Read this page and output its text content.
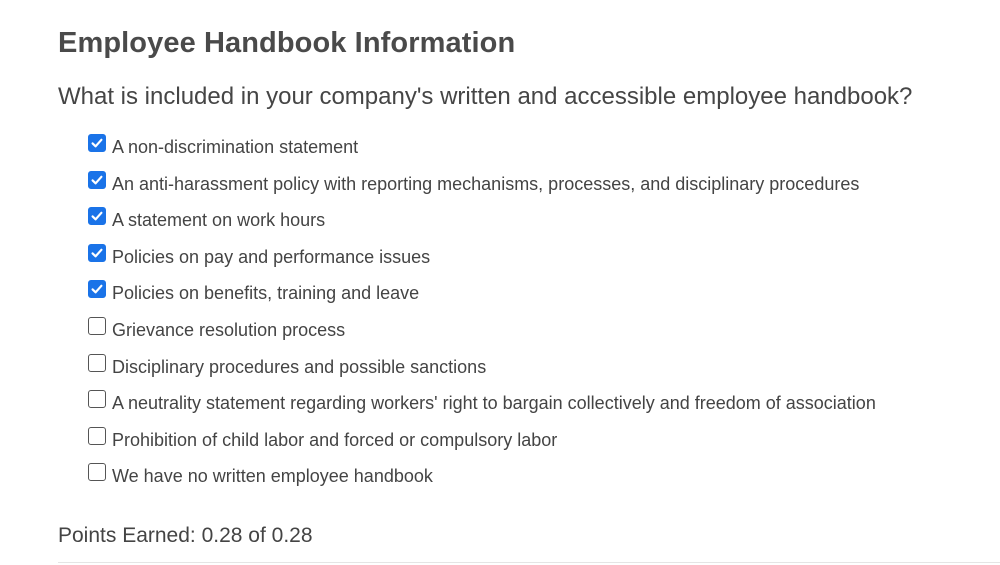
Employee Handbook Information

What is included in your company's written and accessible employee handbook?

A non-discrimination statement
An anti-harassment policy with reporting mechanisms, processes, and disciplinary procedures
A statement on work hours
Policies on pay and performance issues
Policies on benefits, training and leave
Grievance resolution process
Disciplinary procedures and possible sanctions
A neutrality statement regarding workers' right to bargain collectively and freedom of association
Prohibition of child labor and forced or compulsory labor
We have no written employee handbook

Points Earned: 0.28 of 0.28
